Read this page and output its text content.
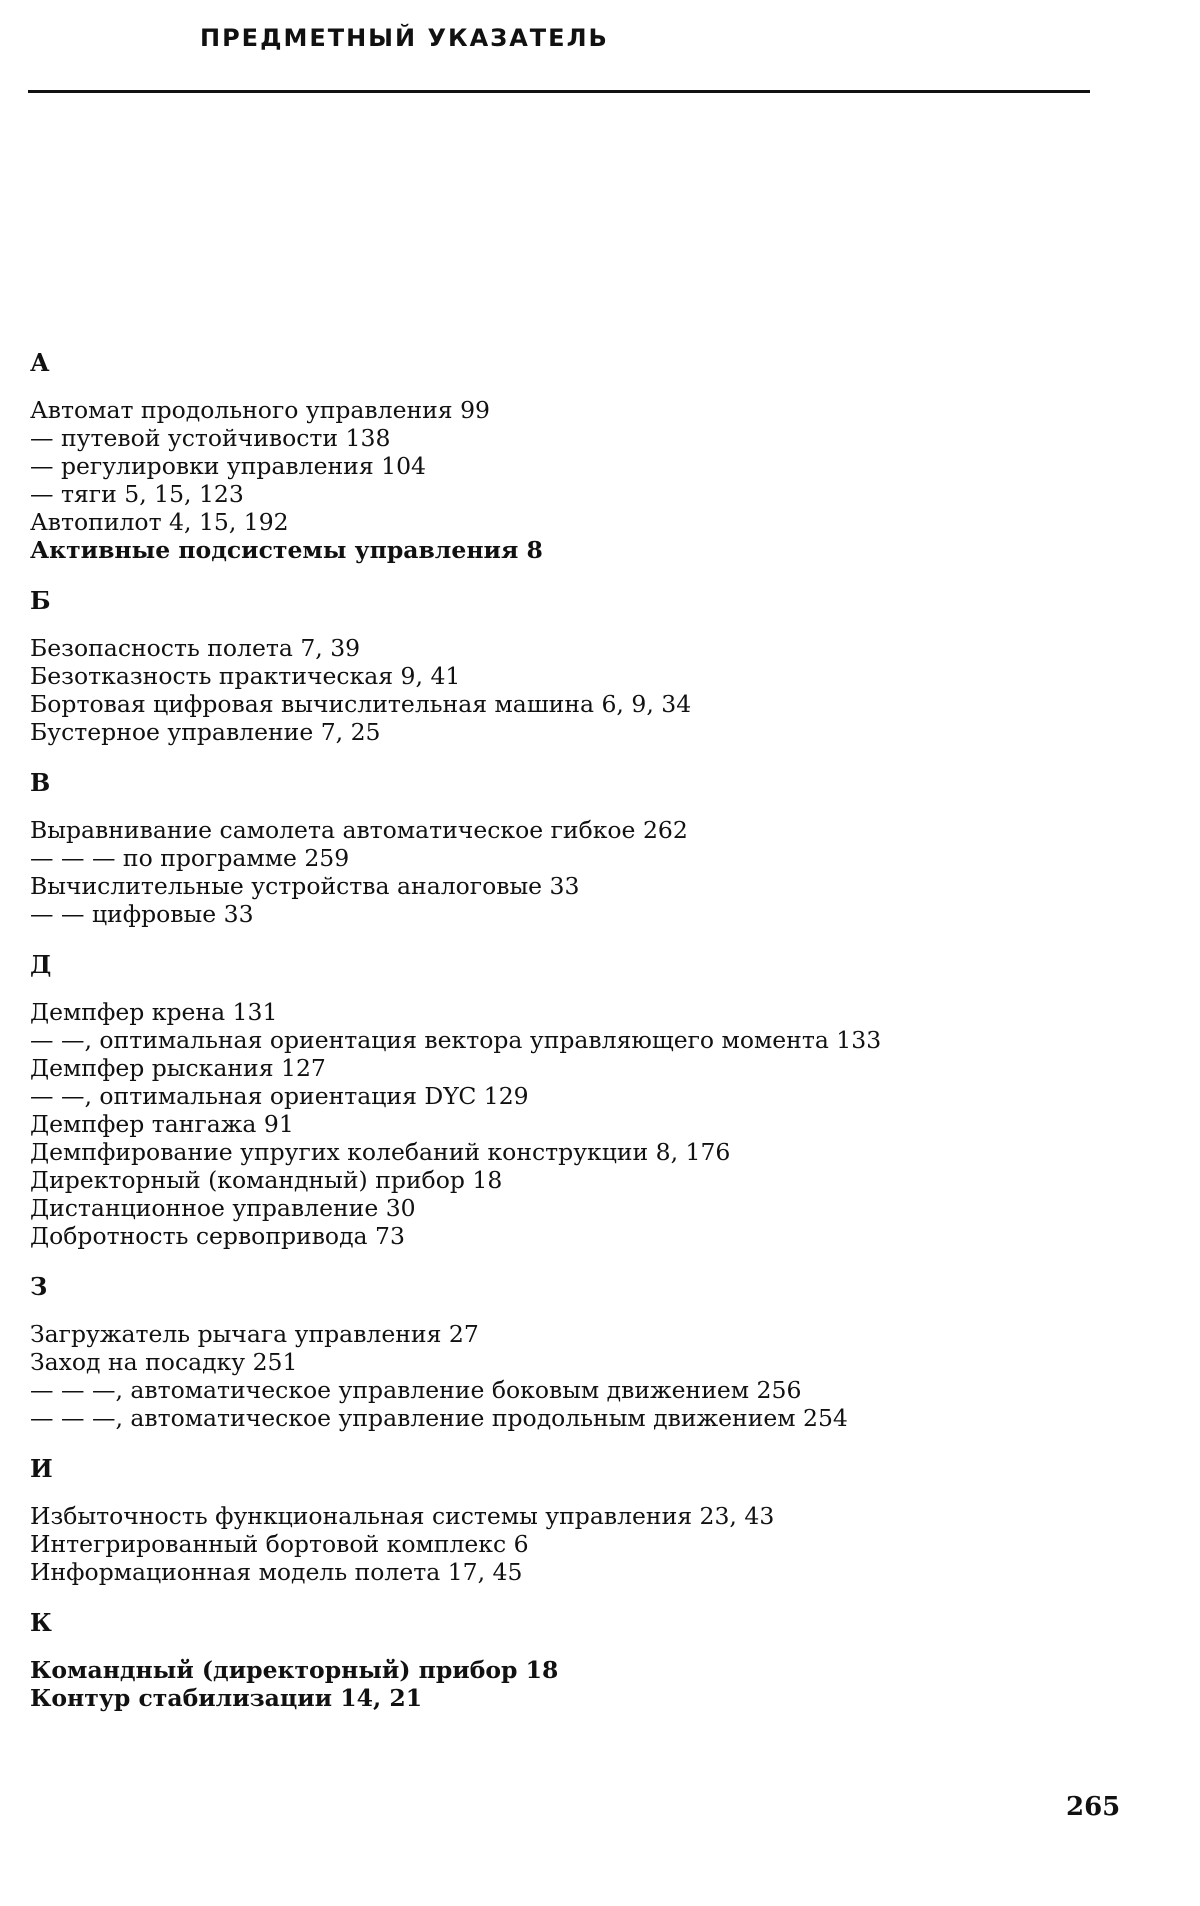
ПРЕДМЕТНЫЙ УКАЗАТЕЛЬ
А
Автомат продольного управления 99
— путевой устойчивости 138
— регулировки управления 104
— тяги 5, 15, 123
Автопилот 4, 15, 192
Активные подсистемы управления 8
Б
Безопасность полета 7, 39
Безотказность практическая 9, 41
Бортовая цифровая вычислительная машина 6, 9, 34
Бустерное управление 7, 25
В
Выравнивание самолета автоматическое гибкое 262
— — — по программе 259
Вычислительные устройства аналоговые 33
— — цифровые 33
Д
Демпфер крена 131
— —, оптимальная ориентация вектора управляющего момента 133
Демпфер рыскания 127
— —, оптимальная ориентация DYC 129
Демпфер тангажа 91
Демпфирование упругих колебаний конструкции 8, 176
Директорный (командный) прибор 18
Дистанционное управление 30
Добротность сервопривода 73
З
Загружатель рычага управления 27
Заход на посадку 251
— — —, автоматическое управление боковым движением 256
— — —, автоматическое управление продольным движением 254
И
Избыточность функциональная системы управления 23, 43
Интегрированный бортовой комплекс 6
Информационная модель полета 17, 45
К
Командный (директорный) прибор 18
Контур стабилизации 14, 21
265
